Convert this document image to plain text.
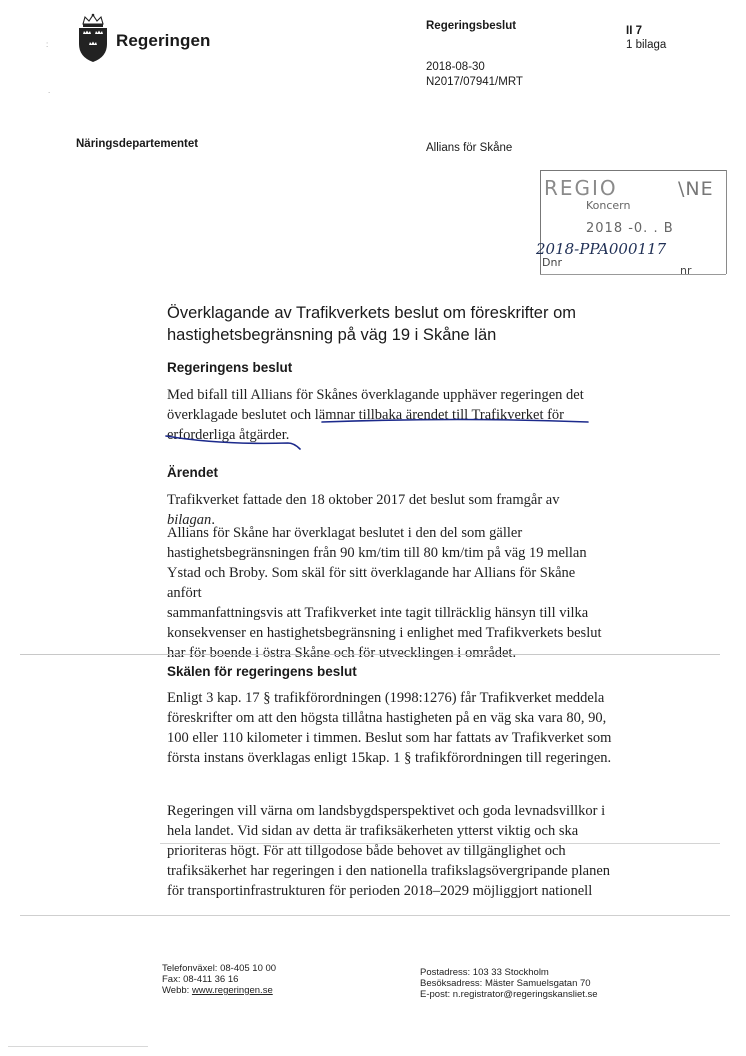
:
.
Regeringen
Regeringsbeslut	II 7
1 bilaga
2018-08-30
N2017/07941/MRT
Näringsdepartementet	Allians för Skåne
REGIO	\NE
Koncern
2018 -0. . B
2018-PPA000117
Dnr
nr
Överklagande av Trafikverkets beslut om föreskrifter om
hastighetsbegränsning på väg 19 i Skåne län
Regeringens beslut

Med bifall till Allians för Skånes överklagande upphäver regeringen det

överklagade beslutet och lämnar tillbaka ärendet till Trafikverket för

erforderliga åtgärder.

Ärendet

Trafikverket fattade den 18 oktober 2017 det beslut som framgår av bilagan.

Allians för Skåne har överklagat beslutet i den del som gäller

hastighetsbegränsningen från 90 km/tim till 80 km/tim på väg 19 mellan

Ystad och Broby. Som skäl för sitt överklagande har Allians för Skåne anfört

sammanfattningsvis att Trafikverket inte tagit tillräcklig hänsyn till vilka

konsekvenser en hastighetsbegränsning i enlighet med Trafikverkets beslut

har för boende i östra Skåne och för utvecklingen i området.

Skälen för regeringens beslut

Enligt 3 kap. 17 § trafikförordningen (1998:1276) får Trafikverket meddela

föreskrifter om att den högsta tillåtna hastigheten på en väg ska vara 80, 90,

100 eller 110 kilometer i timmen. Beslut som har fattats av Trafikverket som

första instans överklagas enligt 15kap. 1 § trafikförordningen till regeringen.

Regeringen vill värna om landsbygdsperspektivet och goda levnadsvillkor i

hela landet. Vid sidan av detta är trafiksäkerheten ytterst viktig och ska

prioriteras högt. För att tillgodose både behovet av tillgänglighet och

trafiksäkerhet har regeringen i den nationella trafikslagsövergripande planen

för transportinfrastrukturen för perioden 2018–2029 möjliggjort nationell

Telefonväxel: 08-405 10 00
Fax: 08-411 36 16
Webb: www.regeringen.se
Postadress: 103 33 Stockholm
Besöksadress: Mäster Samuelsgatan 70
E-post: n.registrator@regeringskansliet.se
